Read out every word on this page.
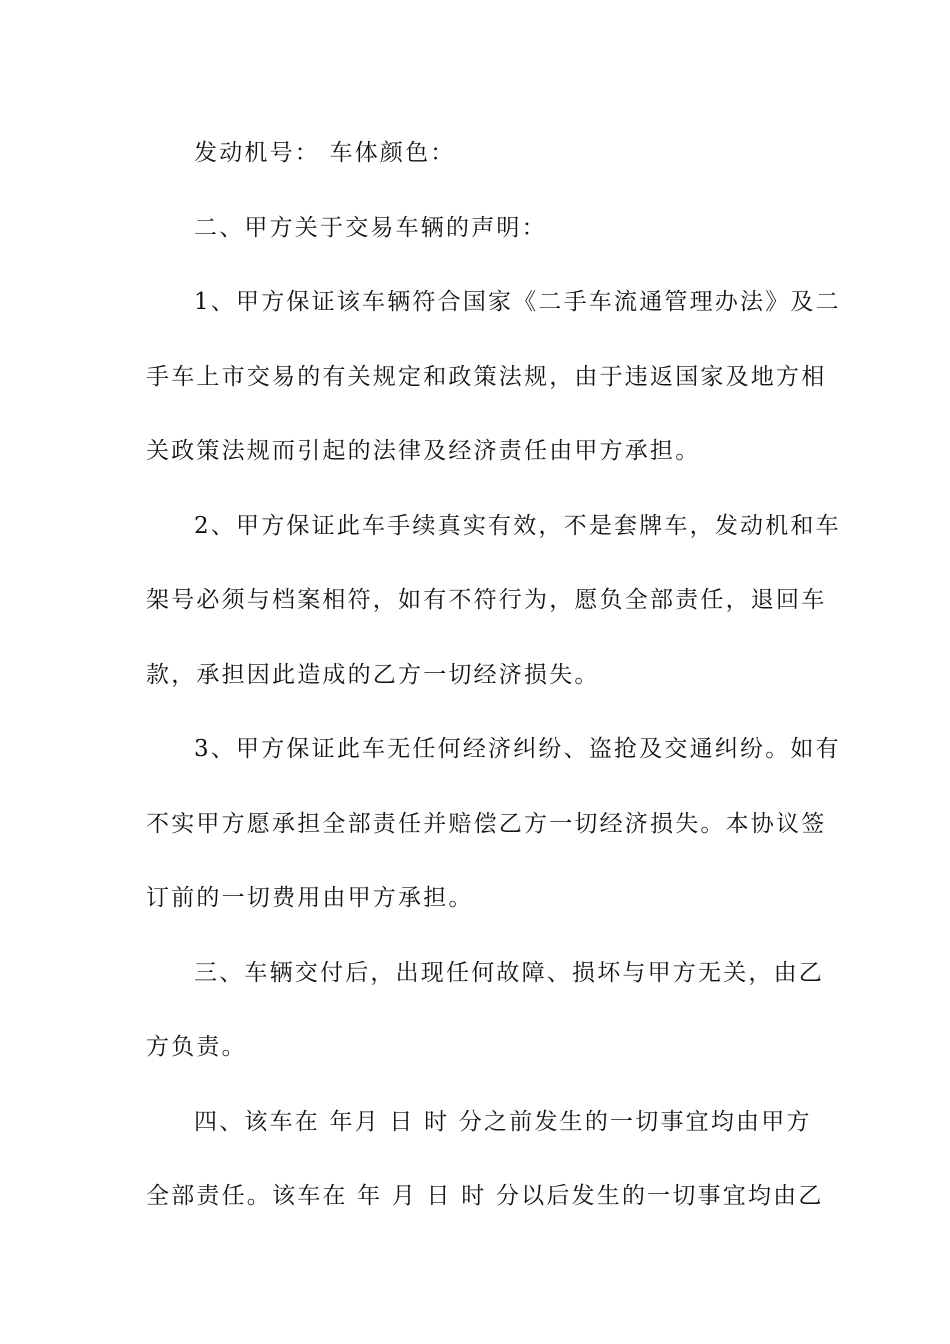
发动机号： 车体颜色：
二、甲方关于交易车辆的声明：
1、甲方保证该车辆符合国家《二手车流通管理办法》及二
手车上市交易的有关规定和政策法规，由于违返国家及地方相
关政策法规而引起的法律及经济责任由甲方承担。
2、甲方保证此车手续真实有效，不是套牌车，发动机和车
架号必须与档案相符，如有不符行为，愿负全部责任，退回车
款，承担因此造成的乙方一切经济损失。
3、甲方保证此车无任何经济纠纷、盗抢及交通纠纷。如有
不实甲方愿承担全部责任并赔偿乙方一切经济损失。本协议签
订前的一切费用由甲方承担。
三、车辆交付后，出现任何故障、损坏与甲方无关，由乙
方负责。
四、该车在 年月 日 时 分之前发生的一切事宜均由甲方
全部责任。该车在 年 月 日 时 分以后发生的一切事宜均由乙
